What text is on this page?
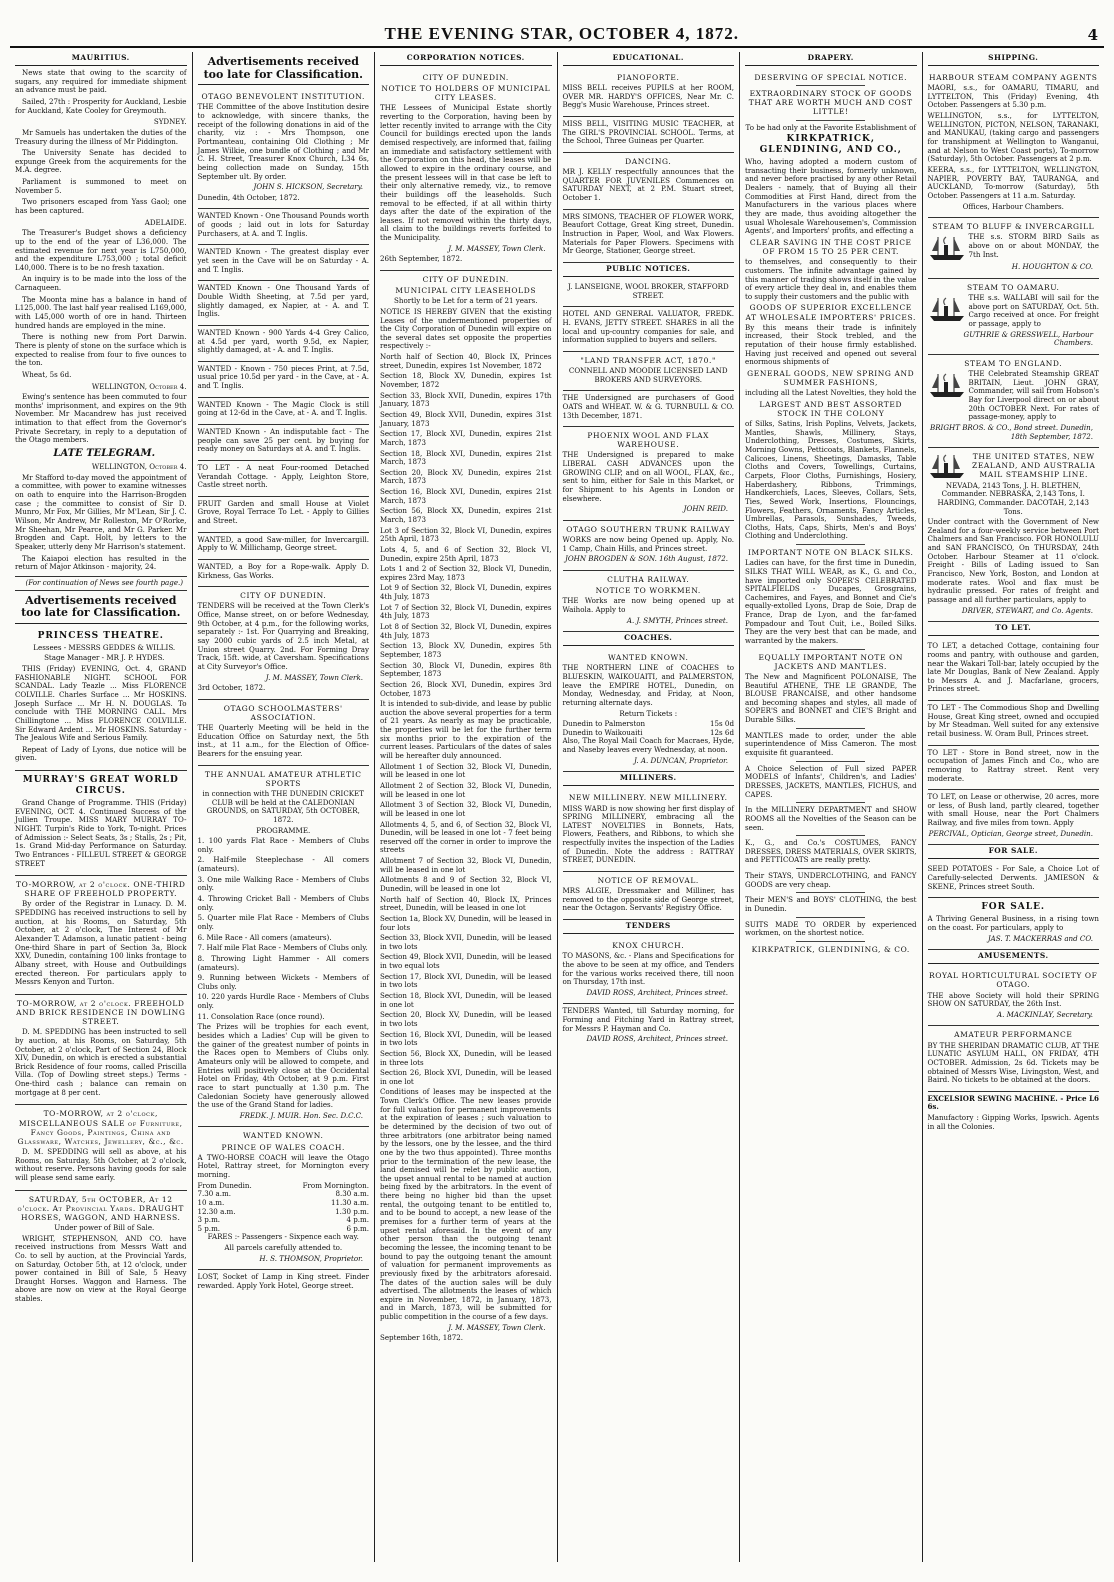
THE EVENING STAR, OCTOBER 4, 1872.	4
MAURITIUS.

News state that owing to the scarcity of sugars, any required for immediate shipment an advance must be paid.

Sailed, 27th : Prosperity for Auckland, Lesbie for Auckland, Kate Cooley for Greymouth.

SYDNEY.

Mr Samuels has undertaken the duties of the Treasury during the illness of Mr Piddington.

The University Senate has decided to expunge Greek from the acquirements for the M.A. degree.

Parliament is summoned to meet on November 5.

Two prisoners escaped from Yass Gaol; one has been captured.

ADELAIDE.

The Treasurer's Budget shows a deficiency up to the end of the year of L36,000. The estimated revenue for next year is L750,000, and the expenditure L753,000 ; total deficit L40,000. There is to be no fresh taxation.

An inquiry is to be made into the loss of the Carnaqueen.

The Moonta mine has a balance in hand of L125,000. The last half year realised L169,000, with L45,000 worth of ore in hand. Thirteen hundred hands are employed in the mine.

There is nothing new from Port Darwin. There is plenty of stone on the surface which is expected to realise from four to five ounces to the ton.

Wheat, 5s 6d.

WELLINGTON, October 4.

Ewing's sentence has been commuted to four months' imprisonment, and expires on the 9th November. Mr Macandrew has just received intimation to that effect from the Governor's Private Secretary, in reply to a deputation of the Otago members.

LATE TELEGRAM.

WELLINGTON, October 4.

Mr Stafford to-day moved the appointment of a committee, with power to examine witnesses on oath to enquire into the Harrison-Brogden case ; the committee to consist of Sir D. Munro, Mr Fox, Mr Gillies, Mr M'Lean, Sir J. C. Wilson, Mr Andrew, Mr Rolleston, Mr O'Rorke, Mr Sheehan, Mr Pearce, and Mr G. Parker. Mr Brogden and Capt. Holt, by letters to the Speaker, utterly deny Mr Harrison's statement.

The Kaiapoi election has resulted in the return of Major Atkinson - majority, 24.

(For continuation of News see fourth page.)

Advertisements received too late for Classification.
PRINCESS THEATRE.

Lessees - MESSRS GEDDES & WILLIS.

Stage Manager - MR J. P. HYDES.

THIS (Friday) EVENING, Oct. 4, GRAND FASHIONABLE NIGHT. SCHOOL FOR SCANDAL. Lady Teazle ... Miss FLORENCE COLVILLE. Charles Surface ... Mr HOSKINS. Joseph Surface ... Mr H. N. DOUGLAS. To conclude with THE MORNING CALL. Mrs Chillingtone ... Miss FLORENCE COLVILLE. Sir Edward Ardent ... Mr HOSKINS. Saturday - The Jealous Wife and Serious Family.

Repeat of Lady of Lyons, due notice will be given.

MURRAY'S GREAT WORLD CIRCUS.

Grand Change of Programme. THIS (Friday) EVENING, OCT. 4. Continued Success of the Jullien Troupe. MISS MARY MURRAY TO-NIGHT. Turpin's Ride to York, To-night. Prices of Admission :- Select Seats, 3s ; Stalls, 2s ; Pit, 1s. Grand Mid-day Performance on Saturday. Two Entrances - FILLEUL STREET & GEORGE STREET

TO-MORROW, at 2 o'clock. ONE-THIRD SHARE OF FREEHOLD PROPERTY.

By order of the Registrar in Lunacy. D. M. SPEDDING has received instructions to sell by auction, at his Rooms, on Saturday, 5th October, at 2 o'clock, The Interest of Mr Alexander T. Adamson, a lunatic patient - being One-third Share in part of Section 3a, Block XXV, Dunedin, containing 100 links frontage to Albany street, with House and Outbuildings erected thereon. For particulars apply to Messrs Kenyon and Turton.

TO-MORROW, at 2 o'clock. FREEHOLD AND BRICK RESIDENCE IN DOWLING STREET.

D. M. SPEDDING has been instructed to sell by auction, at his Rooms, on Saturday, 5th October, at 2 o'clock, Part of Section 24, Block XIV, Dunedin, on which is erected a substantial Brick Residence of four rooms, called Priscilla Villa. (Top of Dowling street steps.) Terms - One-third cash ; balance can remain on mortgage at 8 per cent.

TO-MORROW, at 2 o'clock, MISCELLANEOUS SALE of Furniture, Fancy Goods, Paintings, China and Glassware, Watches, Jewellery, &c., &c.

D. M. SPEDDING will sell as above, at his Rooms, on Saturday, 5th October, at 2 o'clock, without reserve. Persons having goods for sale will please send same early.

SATURDAY, 5th OCTOBER, At 12 o'clock. At Provincial Yards. DRAUGHT HORSES, WAGGON, AND HARNESS.

Under power of Bill of Sale.

WRIGHT, STEPHENSON, AND CO. have received instructions from Messrs Watt and Co. to sell by auction, at the Provincial Yards, on Saturday, October 5th, at 12 o'clock, under power contained in Bill of Sale, 5 Heavy Draught Horses. Waggon and Harness. The above are now on view at the Royal George stables.

Advertisements received too late for Classification.
OTAGO BENEVOLENT INSTITUTION.

THE Committee of the above Institution desire to acknowledge, with sincere thanks, the receipt of the following donations in aid of the charity, viz : - Mrs Thompson, one Portmanteau, containing Old Clothing ; Mr James Wilkie, one bundle of Clothing ; and Mr C. H. Street, Treasurer Knox Church, L34 6s, being collection made on Sunday, 15th September ult. By order.

JOHN S. HICKSON, Secretary.

Dunedin, 4th October, 1872.

WANTED Known - One Thousand Pounds worth of goods ; laid out in lots for Saturday Purchasers, at A. and T. Inglis.

WANTED Known - The greatest display ever yet seen in the Cave will be on Saturday - A. and T. Inglis.

WANTED Known - One Thousand Yards of Double Width Sheeting, at 7.5d per yard, slightly damaged, ex Napier, at - A. and T. Inglis.

WANTED Known - 900 Yards 4-4 Grey Calico, at 4.5d per yard, worth 9.5d, ex Napier, slightly damaged, at - A. and T. Inglis.

WANTED - Known - 750 pieces Print, at 7.5d, usual price 10.5d per yard - in the Cave, at - A. and T. Inglis.

WANTED Known - The Magic Clock is still going at 12-6d in the Cave, at - A. and T. Inglis.

WANTED Known - An indisputable fact - The people can save 25 per cent. by buying for ready money on Saturdays at A. and T. Inglis.

TO LET - A neat Four-roomed Detached Verandah Cottage. - Apply, Leighton Store, Castle street north.

FRUIT Garden and small House at Violet Grove, Royal Terrace To Let. - Apply to Gillies and Street.

WANTED, a good Saw-miller, for Invercargill. Apply to W. Millichamp, George street.

WANTED, a Boy for a Rope-walk. Apply D. Kirkness, Gas Works.

CITY OF DUNEDIN.

TENDERS will be received at the Town Clerk's Office, Manse street, on or before Wednesday, 9th October, at 4 p.m., for the following works, separately :- 1st. For Quarrying and Breaking, say 2000 cubic yards of 2.5 inch Metal, at Union street Quarry. 2nd. For Forming Dray Track, 15ft. wide, at Caversham. Specifications at City Surveyor's Office.

J. M. MASSEY, Town Clerk.

3rd October, 1872.

OTAGO SCHOOLMASTERS' ASSOCIATION.

THE Quarterly Meeting will be held in the Education Office on Saturday next, the 5th inst., at 11 a.m., for the Election of Office-Bearers for the ensuing year.

THE ANNUAL AMATEUR ATHLETIC SPORTS

in connection with THE DUNEDIN CRICKET CLUB will be held at the CALEDONIAN GROUNDS, on SATURDAY, 5th OCTOBER, 1872.

PROGRAMME.

1. 100 yards Flat Race - Members of Clubs only.

2. Half-mile Steeplechase - All comers (amateurs).

3. One mile Walking Race - Members of Clubs only.

4. Throwing Cricket Ball - Members of Clubs only.

5. Quarter mile Flat Race - Members of Clubs only.

6. Mile Race - All comers (amateurs).

7. Half mile Flat Race - Members of Clubs only.

8. Throwing Light Hammer - All comers (amateurs).

9. Running between Wickets - Members of Clubs only.

10. 220 yards Hurdle Race - Members of Clubs only.

11. Consolation Race (once round).

The Prizes will be trophies for each event, besides which a Ladies' Cup will be given to the gainer of the greatest number of points in the Races open to Members of Clubs only. Amateurs only will be allowed to compete, and Entries will positively close at the Occidental Hotel on Friday, 4th October, at 9 p.m. First race to start punctually at 1.30 p.m. The Caledonian Society have generously allowed the use of the Grand Stand for ladies.

FREDK. J. MUIR. Hon. Sec. D.C.C.

WANTED KNOWN.
PRINCE OF WALES COACH.

A TWO-HORSE COACH will leave the Otago Hotel, Rattray street, for Mornington every morning.

From Dunedin.	From Mornington.
7.30 a.m.	8.30 a.m.
10 a.m.	11.30 a.m.
12.30 a.m.	1.30 p.m.
3 p.m.	4 p.m.
5 p.m.	6 p.m.

FARES :- Passengers - Sixpence each way.

All parcels carefully attended to.

H. S. THOMSON, Proprietor.

LOST, Socket of Lamp in King street. Finder rewarded. Apply York Hotel, George street.

CORPORATION NOTICES.
CITY OF DUNEDIN.
NOTICE TO HOLDERS OF MUNICIPAL CITY LEASES.

THE Lessees of Municipal Estate shortly reverting to the Corporation, having been by letter recently invited to arrange with the City Council for buildings erected upon the lands demised respectively, are informed that, failing an immediate and satisfactory settlement with the Corporation on this head, the leases will be allowed to expire in the ordinary course, and the present lessees will in that case be left to their only alternative remedy, viz., to remove their buildings off the leaseholds. Such removal to be effected, if at all within thirty days after the date of the expiration of the leases. If not removed within the thirty days, all claim to the buildings reverts forfeited to the Municipality.

J. M. MASSEY, Town Clerk.

26th September, 1872.

CITY OF DUNEDIN.
MUNICIPAL CITY LEASEHOLDS

Shortly to be Let for a term of 21 years.

NOTICE IS HEREBY GIVEN that the existing Leases of the undermentioned properties of the City Corporation of Dunedin will expire on the several dates set opposite the properties respectively :-

North half of Section 40, Block IX, Princes street, Dunedin, expires 1st November, 1872

Section 18, Block XV, Dunedin, expires 1st November, 1872

Section 33, Block XVII, Dunedin, expires 17th January, 1873

Section 49, Block XVII, Dunedin, expires 31st January, 1873

Section 17, Block XVI, Dunedin, expires 21st March, 1873

Section 18, Block XVI, Dunedin, expires 21st March, 1873

Section 20, Block XV, Dunedin, expires 21st March, 1873

Section 16, Block XVI, Dunedin, expires 21st March, 1873

Section 56, Block XX, Dunedin, expires 21st March, 1873

Lot 3 of Section 32, Block VI, Dunedin, expires 25th April, 1873

Lots 4, 5, and 6 of Section 32, Block VI, Dunedin, expire 25th April, 1873

Lots 1 and 2 of Section 32, Block VI, Dunedin, expires 23rd May, 1873

Lot 9 of Section 32, Block VI, Dunedin, expires 4th July, 1873

Lot 7 of Section 32, Block VI, Dunedin, expires 4th July, 1873

Lot 8 of Section 32, Block VI, Dunedin, expires 4th July, 1873

Section 13, Block XV, Dunedin, expires 5th September, 1873

Section 30, Block VI, Dunedin, expires 8th September, 1873

Section 26, Block XVI, Dunedin, expires 3rd October, 1873

It is intended to sub-divide, and lease by public auction the above several properties for a term of 21 years. As nearly as may be practicable, the properties will be let for the further term six months prior to the expiration of the current leases. Particulars of the dates of sales will be hereafter duly announced.

Allotment 1 of Section 32, Block VI, Dunedin, will be leased in one lot

Allotment 2 of Section 32, Block VI, Dunedin, will be leased in one lot

Allotment 3 of Section 32, Block VI, Dunedin, will be leased in one lot

Allotments 4, 5, and 6, of Section 32, Block VI, Dunedin, will be leased in one lot - 7 feet being reserved off the corner in order to improve the streets

Allotment 7 of Section 32, Block VI, Dunedin, will be leased in one lot

Allotments 8 and 9 of Section 32, Block VI, Dunedin, will be leased in one lot

North half of Section 40, Block IX, Princes street, Dunedin, will be leased in one lot

Section 1a, Block XV, Dunedin, will be leased in four lots

Section 33, Block XVII, Dunedin, will be leased in two lots

Section 49, Block XVII, Dunedin, will be leased in two equal lots

Section 17, Block XVI, Dunedin, will be leased in two lots

Section 18, Block XVI, Dunedin, will be leased in one lot

Section 20, Block XV, Dunedin, will be leased in two lots

Section 16, Block XVI, Dunedin, will be leased in two lots

Section 56, Block XX, Dunedin, will be leased in three lots

Section 26, Block XVI, Dunedin, will be leased in one lot

Conditions of leases may be inspected at the Town Clerk's Office. The new leases provide for full valuation for permanent improvements at the expiration of leases ; such valuation to be determined by the decision of two out of three arbitrators (one arbitrator being named by the lessors, one by the lessee, and the third one by the two thus appointed). Three months prior to the termination of the new lease, the land demised will be relet by public auction, the upset annual rental to be named at auction being fixed by the arbitrators. In the event of there being no higher bid than the upset rental, the outgoing tenant to be entitled to, and to be bound to accept, a new lease of the premises for a further term of years at the upset rental aforesaid. In the event of any other person than the outgoing tenant becoming the lessee, the incoming tenant to be bound to pay the outgoing tenant the amount of valuation for permanent improvements as previously fixed by the arbitrators aforesaid. The dates of the auction sales will be duly advertised. The allotments the leases of which expire in November, 1872, in January, 1873, and in March, 1873, will be submitted for public competition in the course of a few days.

J. M. MASSEY, Town Clerk.

September 16th, 1872.

EDUCATIONAL.
PIANOFORTE.

MISS BELL receives PUPILS at her ROOM, OVER MR. HARDY'S OFFICES, Near Mr. C. Begg's Music Warehouse, Princes street.

MISS BELL, VISITING MUSIC TEACHER, at The GIRL'S PROVINCIAL SCHOOL. Terms, at the School, Three Guineas per Quarter.

DANCING.

MR J. KELLY respectfully announces that the QUARTER FOR JUVENILES Commences on SATURDAY NEXT, at 2 P.M. Stuart street, October 1.

MRS SIMONS, TEACHER OF FLOWER WORK, Beaufort Cottage, Great King street, Dunedin. Instruction in Paper, Wool, and Wax Flowers. Materials for Paper Flowers. Specimens with Mr George, Stationer, George street.

PUBLIC NOTICES.

J. LANSEIGNE, WOOL BROKER, STAFFORD STREET.

HOTEL AND GENERAL VALUATOR, FREDK. H. EVANS, JETTY STREET. SHARES in all the local and up-country companies for sale, and information supplied to buyers and sellers.

"LAND TRANSFER ACT, 1870."

CONNELL AND MOODIE LICENSED LAND BROKERS AND SURVEYORS.

THE Undersigned are purchasers of Good OATS and WHEAT. W. & G. TURNBULL & CO. 13th December, 1871.

PHOENIX WOOL AND FLAX WAREHOUSE.

THE Undersigned is prepared to make LIBERAL CASH ADVANCES upon the GROWING CLIP, and on all WOOL, FLAX, &c., sent to him, either for Sale in this Market, or for Shipment to his Agents in London or elsewhere.

JOHN REID.

OTAGO SOUTHERN TRUNK RAILWAY

WORKS are now being Opened up. Apply, No. 1 Camp, Chain Hills, and Princes street.

JOHN BROGDEN & SON. 16th August, 1872.

CLUTHA RAILWAY.
NOTICE TO WORKMEN.

THE Works are now being opened up at Waihola. Apply to

A. J. SMYTH, Princes street.

COACHES.
WANTED KNOWN.

THE NORTHERN LINE of COACHES to BLUESKIN, WAIKOUAITI, and PALMERSTON, leave the EMPIRE HOTEL, Dunedin, on Monday, Wednesday, and Friday, at Noon, returning alternate days.

Return Tickets :

Dunedin to Palmerston	15s 0d
Dunedin to Waikouaiti	12s 6d

Also, The Royal Mail Coach for Macraes, Hyde, and Naseby leaves every Wednesday, at noon.

J. A. DUNCAN, Proprietor.

MILLINERS.
NEW MILLINERY. NEW MILLINERY.

MISS WARD is now showing her first display of SPRING MILLINERY, embracing all the LATEST NOVELTIES in Bonnets, Hats, Flowers, Feathers, and Ribbons, to which she respectfully invites the inspection of the Ladies of Dunedin. Note the address : RATTRAY STREET, DUNEDIN.

NOTICE OF REMOVAL.

MRS ALGIE, Dressmaker and Milliner, has removed to the opposite side of George street, near the Octagon. Servants' Registry Office.

TENDERS
KNOX CHURCH.

TO MASONS, &c. - Plans and Specifications for the above to be seen at my office, and Tenders for the various works received there, till noon on Thursday, 17th inst.

DAVID ROSS, Architect, Princes street.

TENDERS Wanted, till Saturday morning, for Forming and Fitching Yard in Rattray street, for Messrs P. Hayman and Co.

DAVID ROSS, Architect, Princes street.

DRAPERY.
DESERVING OF SPECIAL NOTICE.
EXTRAORDINARY STOCK OF GOODS THAT ARE WORTH MUCH AND COST LITTLE!

To be had only at the Favorite Establishment of

KIRKPATRICK, GLENDINING, AND CO.,

Who, having adopted a modern custom of transacting their business, formerly unknown, and never before practised by any other Retail Dealers - namely, that of Buying all their Commodities at First Hand, direct from the Manufacturers in the various places where they are made, thus avoiding altogether the usual Wholesale Warehousemen's, Commission Agents', and Importers' profits, and effecting a

CLEAR SAVING IN THE COST PRICE OF FROM 15 TO 25 PER CENT.

to themselves, and consequently to their customers. The infinite advantage gained by this manner of trading shows itself in the value of every article they deal in, and enables them to supply their customers and the public with

GOODS OF SUPERIOR EXCELLENCE AT WHOLESALE IMPORTERS' PRICES.

By this means their trade is infinitely increased, their Stock trebled, and the reputation of their house firmly established. Having just received and opened out several enormous shipments of

GENERAL GOODS, NEW SPRING AND SUMMER FASHIONS,

including all the Latest Novelties, they hold the

LARGEST AND BEST ASSORTED STOCK IN THE COLONY

of Silks, Satins, Irish Poplins, Velvets, Jackets, Mantles, Shawls, Millinery, Stays, Underclothing, Dresses, Costumes, Skirts, Morning Gowns, Petticoats, Blankets, Flannels, Calicoes, Linens, Sheetings, Damasks, Table Cloths and Covers, Towellings, Curtains, Carpets, Floor Cloths, Furnishings, Hosiery, Haberdashery, Ribbons, Trimmings, Handkerchiefs, Laces, Sleeves, Collars, Sets, Ties, Sewed Work, Insertions, Flouncings, Flowers, Feathers, Ornaments, Fancy Articles, Umbrellas, Parasols, Sunshades, Tweeds, Cloths, Hats, Caps, Shirts, Men's and Boys' Clothing and Underclothing.

IMPORTANT NOTE ON BLACK SILKS.

Ladies can have, for the first time in Dunedin, SILKS THAT WILL WEAR, as K., G. and Co., have imported only SOPER'S CELEBRATED SPITALFIELDS - Ducapes, Grosgrains, Cachemires, and Fayes, and Bonnet and Cie's equally-extolled Lyons, Drap de Soie, Drap de France, Drap de Lyon, and the far-famed Pompadour and Tout Cuit, i.e., Boiled Silks. They are the very best that can be made, and warranted by the makers.

EQUALLY IMPORTANT NOTE ON JACKETS AND MANTLES.

The New and Magnificent POLONAISE, The Beautiful ATHENE, THE LE GRANDE, The BLOUSE FRANCAISE, and other handsome and becoming shapes and styles, all made of SOPER'S and BONNET and CIE'S Bright and Durable Silks.

MANTLES made to order, under the able superintendence of Miss Cameron. The most exquisite fit guaranteed.

A Choice Selection of Full sized PAPER MODELS of Infants', Children's, and Ladies' DRESSES, JACKETS, MANTLES, FICHUS, and CAPES.

In the MILLINERY DEPARTMENT and SHOW ROOMS all the Novelties of the Season can be seen.

K., G., and Co.'s COSTUMES, FANCY DRESSES, DRESS MATERIALS, OVER SKIRTS, and PETTICOATS are really pretty.

Their STAYS, UNDERCLOTHING, and FANCY GOODS are very cheap.

Their MEN'S and BOYS' CLOTHING, the best in Dunedin.

SUITS MADE TO ORDER by experienced workmen, on the shortest notice.

KIRKPATRICK, GLENDINING, & CO.
SHIPPING.
HARBOUR STEAM COMPANY AGENTS

MAORI, s.s., for OAMARU, TIMARU, and LYTTELTON, This (Friday) Evening, 4th October. Passengers at 5.30 p.m.

WELLINGTON, s.s., for LYTTELTON, WELLINGTON, PICTON, NELSON, TARANAKI, and MANUKAU, (taking cargo and passengers for transhipment at Wellington to Wanganui, and at Nelson to West Coast ports), To-morrow (Saturday), 5th October. Passengers at 2 p.m.

KEERA, s.s., for LYTTELTON, WELLINGTON, NAPIER, POVERTY BAY, TAURANGA, and AUCKLAND, To-morrow (Saturday), 5th October. Passengers at 11 a.m. Saturday.

Offices, Harbour Chambers.

STEAM TO BLUFF & INVERCARGILL

THE s.s. STORM BIRD Sails as above on or about MONDAY, the 7th Inst.

H. HOUGHTON & CO.

STEAM TO OAMARU.

THE s.s. WALLABI will sail for the above port on SATURDAY, Oct. 5th. Cargo received at once. For freight or passage, apply to

GUTHRIE & GRESSWELL, Harbour Chambers.

STEAM TO ENGLAND.

THE Celebrated Steamship GREAT BRITAIN, Lieut. JOHN GRAY, Commander, will sail from Hobson's Bay for Liverpool direct on or about 20th OCTOBER Next. For rates of passage-money, apply to

BRIGHT BROS. & CO., Bond street. Dunedin, 18th September, 1872.

THE UNITED STATES, NEW ZEALAND, AND AUSTRALIA MAIL STEAMSHIP LINE.

NEVADA, 2143 Tons, J. H. BLETHEN, Commander. NEBRASKA, 2,143 Tons, I. HARDING, Commander. DACOTAH, 2,143 Tons.

Under contract with the Government of New Zealand for a four-weekly service between Port Chalmers and San Francisco. FOR HONOLULU and SAN FRANCISCO, On THURSDAY, 24th October. Harbour Steamer at 11 o'clock. Freight - Bills of Lading issued to San Francisco, New York, Boston, and London at moderate rates. Wool and flax must be hydraulic pressed. For rates of freight and passage and all further particulars, apply to

DRIVER, STEWART, and Co. Agents.

TO LET.

TO LET, a detached Cottage, containing four rooms and pantry, with outhouse and garden, near the Wakari Toll-bar, lately occupied by the late Mr Douglas, Bank of New Zealand. Apply to Messrs A. and J. Macfarlane, grocers, Princes street.

TO LET - The Commodious Shop and Dwelling House, Great King street, owned and occupied by Mr Steadman. Well suited for any extensive retail business. W. Oram Bull, Princes street.

TO LET - Store in Bond street, now in the occupation of James Finch and Co., who are removing to Rattray street. Rent very moderate.

TO LET, on Lease or otherwise, 20 acres, more or less, of Bush land, partly cleared, together with small House, near the Port Chalmers Railway, and five miles from town. Apply

PERCIVAL, Optician, George street, Dunedin.

FOR SALE.

SEED POTATOES - For Sale, a Choice Lot of Carefully-selected Derwents. JAMIESON & SKENE, Princes street South.

FOR SALE.

A Thriving General Business, in a rising town on the coast. For particulars, apply to

JAS. T. MACKERRAS and CO.

AMUSEMENTS.
ROYAL HORTICULTURAL SOCIETY OF OTAGO.

THE above Society will hold their SPRING SHOW ON SATURDAY, the 26th Inst.

A. MACKINLAY, Secretary.

AMATEUR PERFORMANCE

BY THE SHERIDAN DRAMATIC CLUB, AT THE LUNATIC ASYLUM HALL, ON FRIDAY, 4TH OCTOBER. Admission, 2s 6d. Tickets may be obtained of Messrs Wise, Livingston, West, and Baird. No tickets to be obtained at the doors.

EXCELSIOR SEWING MACHINE. - Price L6 6s.

Manufactory : Gipping Works, Ipswich. Agents in all the Colonies.
